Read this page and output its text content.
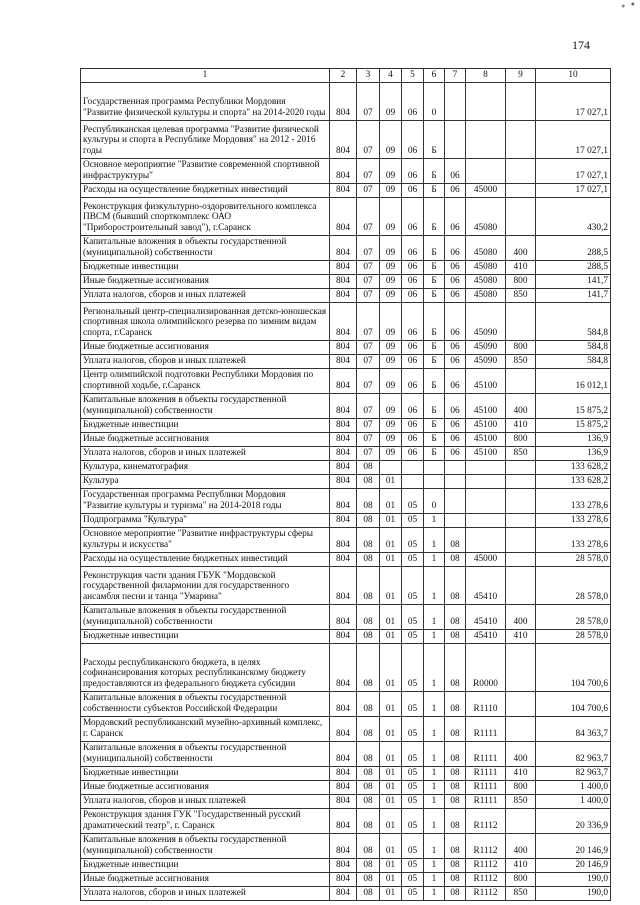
174
1	2	3	4	5	6	7	8	9	10
Государственная программа Республики Мордовия "Развитие физической культуры и спорта" на 2014-2020 годы	804	07	09	06	0				17 027,1
Республиканская целевая программа "Развитие физической культуры и спорта в Республике Мордовия" на 2012 - 2016 годы	804	07	09	06	Б				17 027,1
Основное мероприятие "Развитие современной спортивной инфраструктуры"	804	07	09	06	Б	06			17 027,1
Расходы на осуществление бюджетных инвестиций	804	07	09	06	Б	06	45000		17 027,1
Реконструкция физкультурно-оздоровительного комплекса ПВСМ (бывший спорткомплекс ОАО "Приборостроительный завод"), г.Саранск	804	07	09	06	Б	06	45080		430,2
Капитальные вложения в объекты государственной (муниципальной) собственности	804	07	09	06	Б	06	45080	400	288,5
Бюджетные инвестиции	804	07	09	06	Б	06	45080	410	288,5
Иные бюджетные ассигнования	804	07	09	06	Б	06	45080	800	141,7
Уплата налогов, сборов и иных платежей	804	07	09	06	Б	06	45080	850	141,7
Региональный центр-специализированная детско-юношеская спортивная школа олимпийского резерва по зимним видам спорта, г.Саранск	804	07	09	06	Б	06	45090		584,8
Иные бюджетные ассигнования	804	07	09	06	Б	06	45090	800	584,8
Уплата налогов, сборов и иных платежей	804	07	09	06	Б	06	45090	850	584,8
Центр олимпийской подготовки Республики Мордовия по спортивной ходьбе, г.Саранск	804	07	09	06	Б	06	45100		16 012,1
Капитальные вложения в объекты государственной (муниципальной) собственности	804	07	09	06	Б	06	45100	400	15 875,2
Бюджетные инвестиции	804	07	09	06	Б	06	45100	410	15 875,2
Иные бюджетные ассигнования	804	07	09	06	Б	06	45100	800	136,9
Уплата налогов, сборов и иных платежей	804	07	09	06	Б	06	45100	850	136,9
Культура, кинематография	804	08							133 628,2
Культура	804	08	01						133 628,2
Государственная программа Республики Мордовия "Развитие культуры и туризма" на 2014-2018 годы	804	08	01	05	0				133 278,6
Подпрограмма "Культура"	804	08	01	05	1				133 278,6
Основное мероприятие "Развитие инфраструктуры сферы культуры и искусства"	804	08	01	05	1	08			133 278,6
Расходы на осуществление бюджетных инвестиций	804	08	01	05	1	08	45000		28 578,0
Реконструкция части здания ГБУК "Мордовской государственной филармонии для государственного ансамбля песни и танца "Умарина"	804	08	01	05	1	08	45410		28 578,0
Капитальные вложения в объекты государственной (муниципальной) собственности	804	08	01	05	1	08	45410	400	28 578,0
Бюджетные инвестиции	804	08	01	05	1	08	45410	410	28 578,0
Расходы республиканского бюджета, в целях софинансирования которых республиканскому бюджету предоставляются из федерального бюджета субсидии	804	08	01	05	1	08	R0000		104 700,6
Капитальные вложения в объекты государственной собственности субъектов Российской Федерации	804	08	01	05	1	08	R1110		104 700,6
Мордовский республиканский музейно-архивный комплекс, г. Саранск	804	08	01	05	1	08	R1111		84 363,7
Капитальные вложения в объекты государственной (муниципальной) собственности	804	08	01	05	1	08	R1111	400	82 963,7
Бюджетные инвестиции	804	08	01	05	1	08	R1111	410	82 963,7
Иные бюджетные ассигнования	804	08	01	05	1	08	R1111	800	1 400,0
Уплата налогов, сборов и иных платежей	804	08	01	05	1	08	R1111	850	1 400,0
Реконструкция здания ГУК "Государственный русский драматический театр", г. Саранск	804	08	01	05	1	08	R1112		20 336,9
Капитальные вложения в объекты государственной (муниципальной) собственности	804	08	01	05	1	08	R1112	400	20 146,9
Бюджетные инвестиции	804	08	01	05	1	08	R1112	410	20 146,9
Иные бюджетные ассигнования	804	08	01	05	1	08	R1112	800	190,0
Уплата налогов, сборов и иных платежей	804	08	01	05	1	08	R1112	850	190,0
